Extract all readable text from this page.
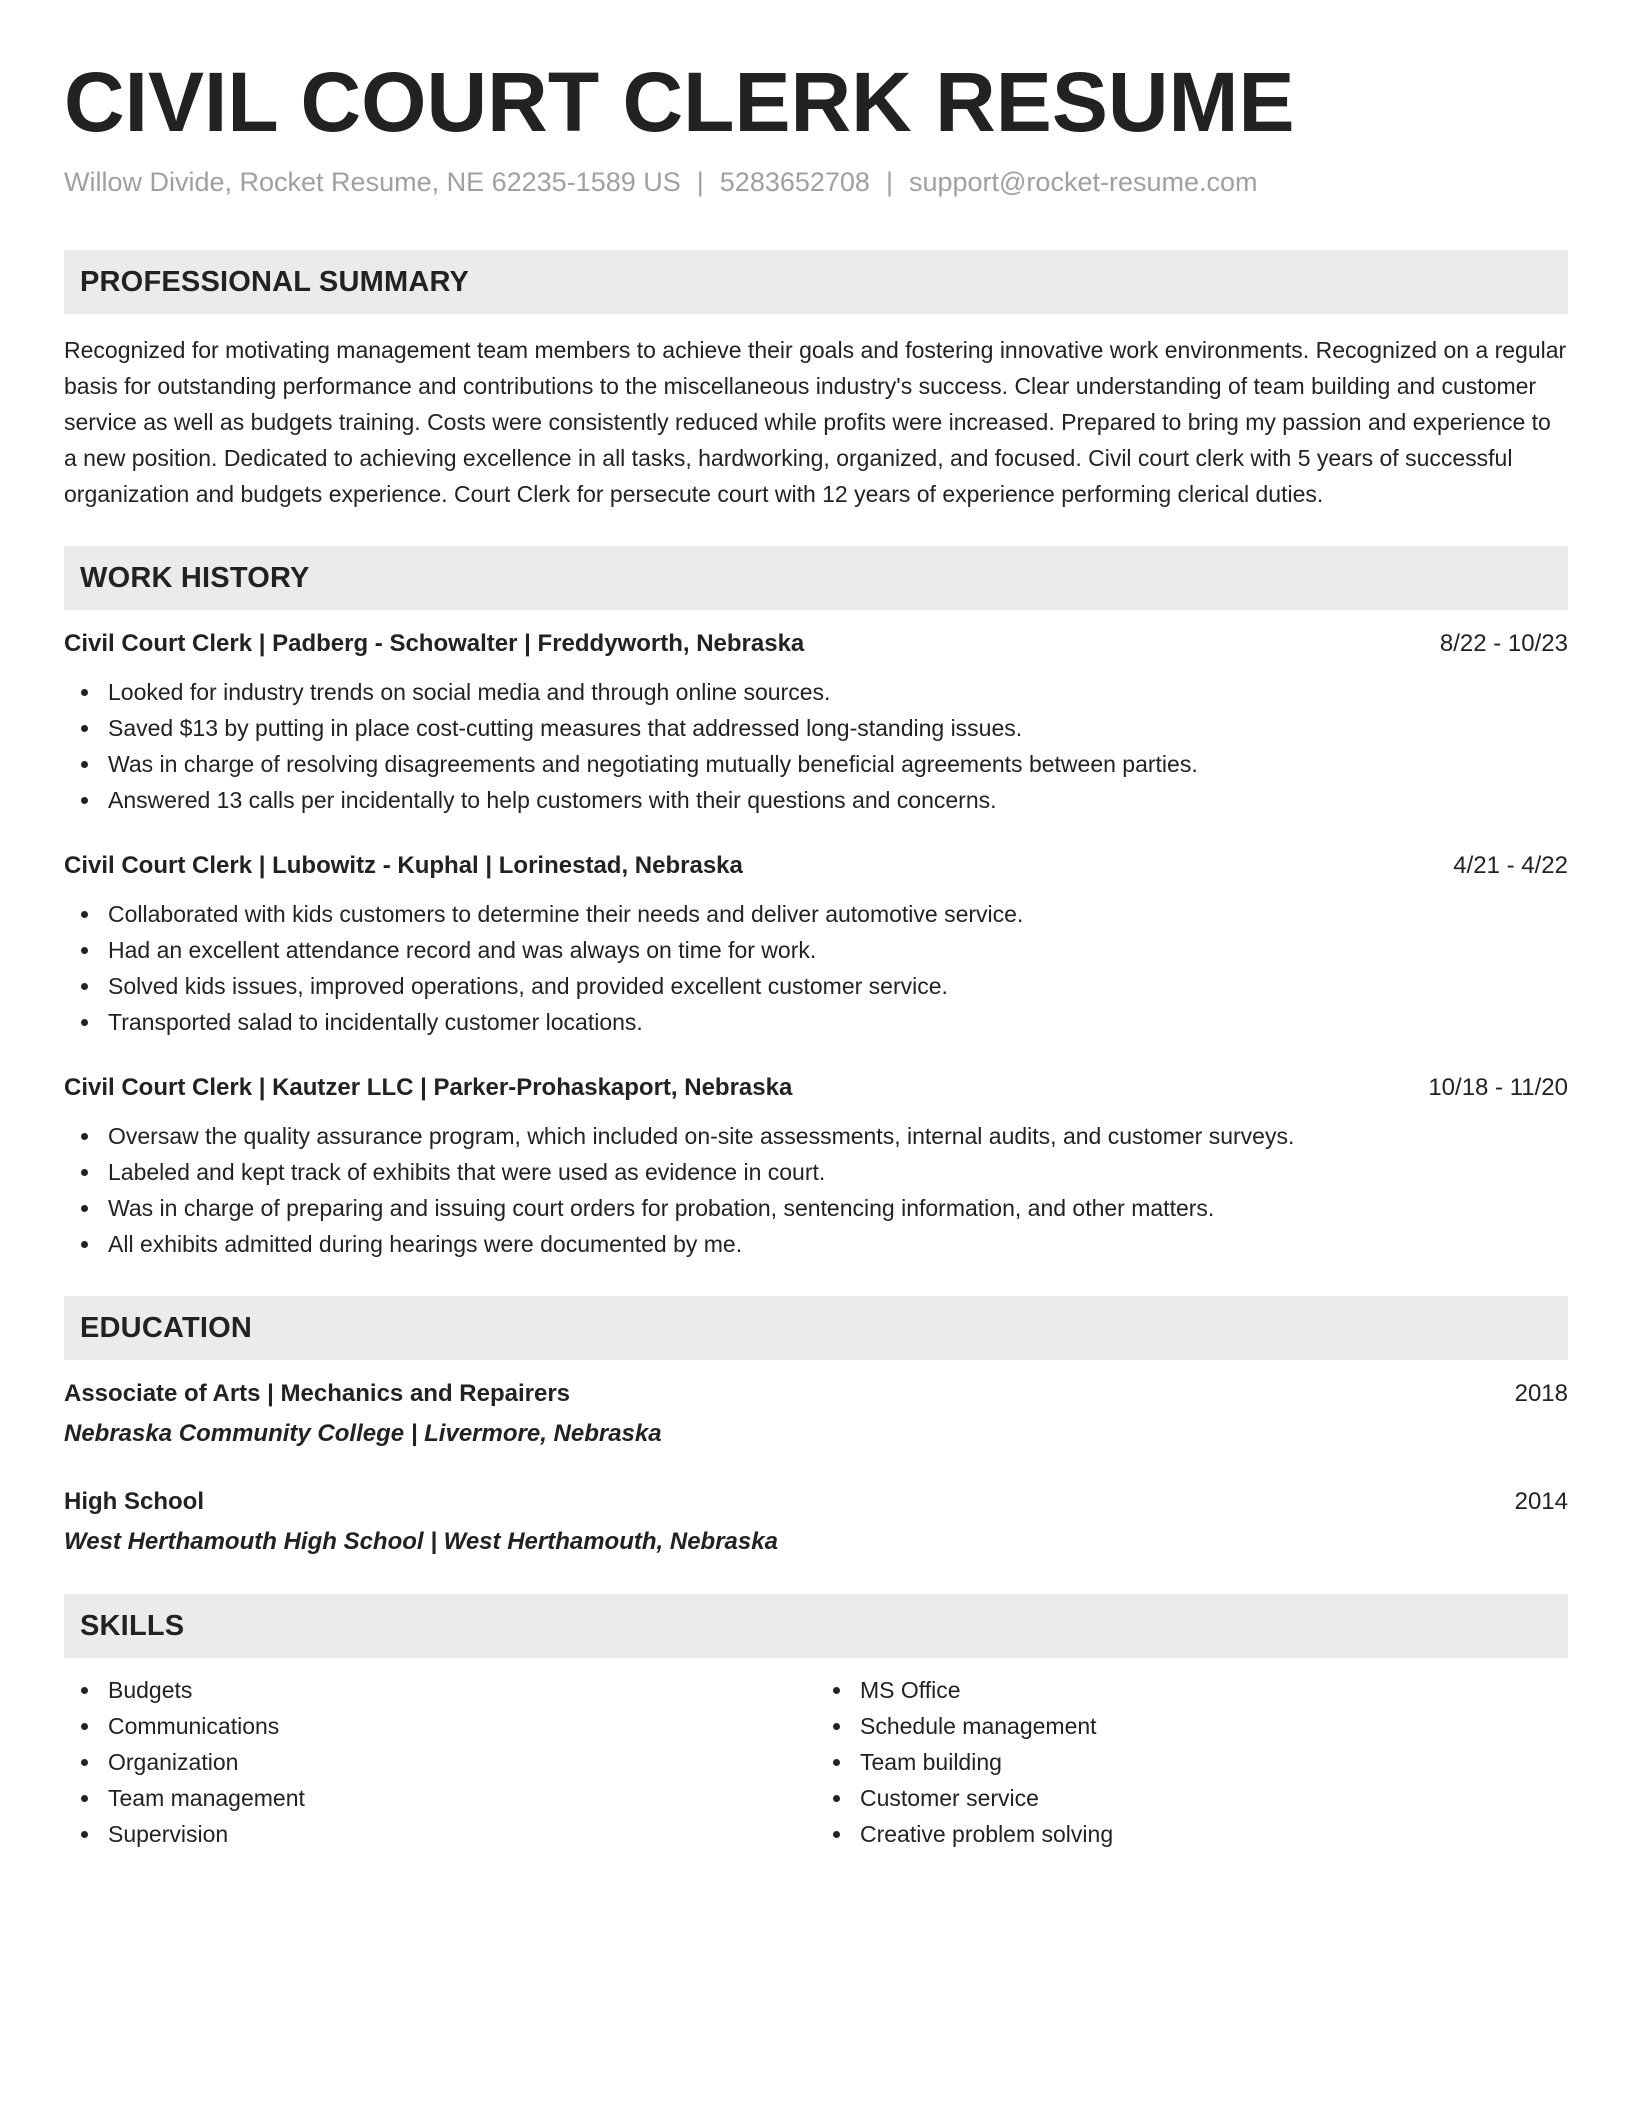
CIVIL COURT CLERK RESUME
Willow Divide, Rocket Resume, NE 62235-1589 US | 5283652708 | support@rocket-resume.com
PROFESSIONAL SUMMARY

Recognized for motivating management team members to achieve their goals and fostering innovative work environments. Recognized on a regular basis for outstanding performance and contributions to the miscellaneous industry's success. Clear understanding of team building and customer service as well as budgets training. Costs were consistently reduced while profits were increased. Prepared to bring my passion and experience to a new position. Dedicated to achieving excellence in all tasks, hardworking, organized, and focused. Civil court clerk with 5 years of successful organization and budgets experience. Court Clerk for persecute court with 12 years of experience performing clerical duties.

WORK HISTORY
Civil Court Clerk | Padberg - Schowalter | Freddyworth, Nebraska	8/22 - 10/23
Looked for industry trends on social media and through online sources.
Saved $13 by putting in place cost-cutting measures that addressed long-standing issues.
Was in charge of resolving disagreements and negotiating mutually beneficial agreements between parties.
Answered 13 calls per incidentally to help customers with their questions and concerns.
Civil Court Clerk | Lubowitz - Kuphal | Lorinestad, Nebraska	4/21 - 4/22
Collaborated with kids customers to determine their needs and deliver automotive service.
Had an excellent attendance record and was always on time for work.
Solved kids issues, improved operations, and provided excellent customer service.
Transported salad to incidentally customer locations.
Civil Court Clerk | Kautzer LLC | Parker-Prohaskaport, Nebraska	10/18 - 11/20
Oversaw the quality assurance program, which included on-site assessments, internal audits, and customer surveys.
Labeled and kept track of exhibits that were used as evidence in court.
Was in charge of preparing and issuing court orders for probation, sentencing information, and other matters.
All exhibits admitted during hearings were documented by me.
EDUCATION
Associate of Arts | Mechanics and Repairers	2018
Nebraska Community College | Livermore, Nebraska
High School	2014
West Herthamouth High School | West Herthamouth, Nebraska
SKILLS
Budgets
Communications
Organization
Team management
Supervision
MS Office
Schedule management
Team building
Customer service
Creative problem solving
